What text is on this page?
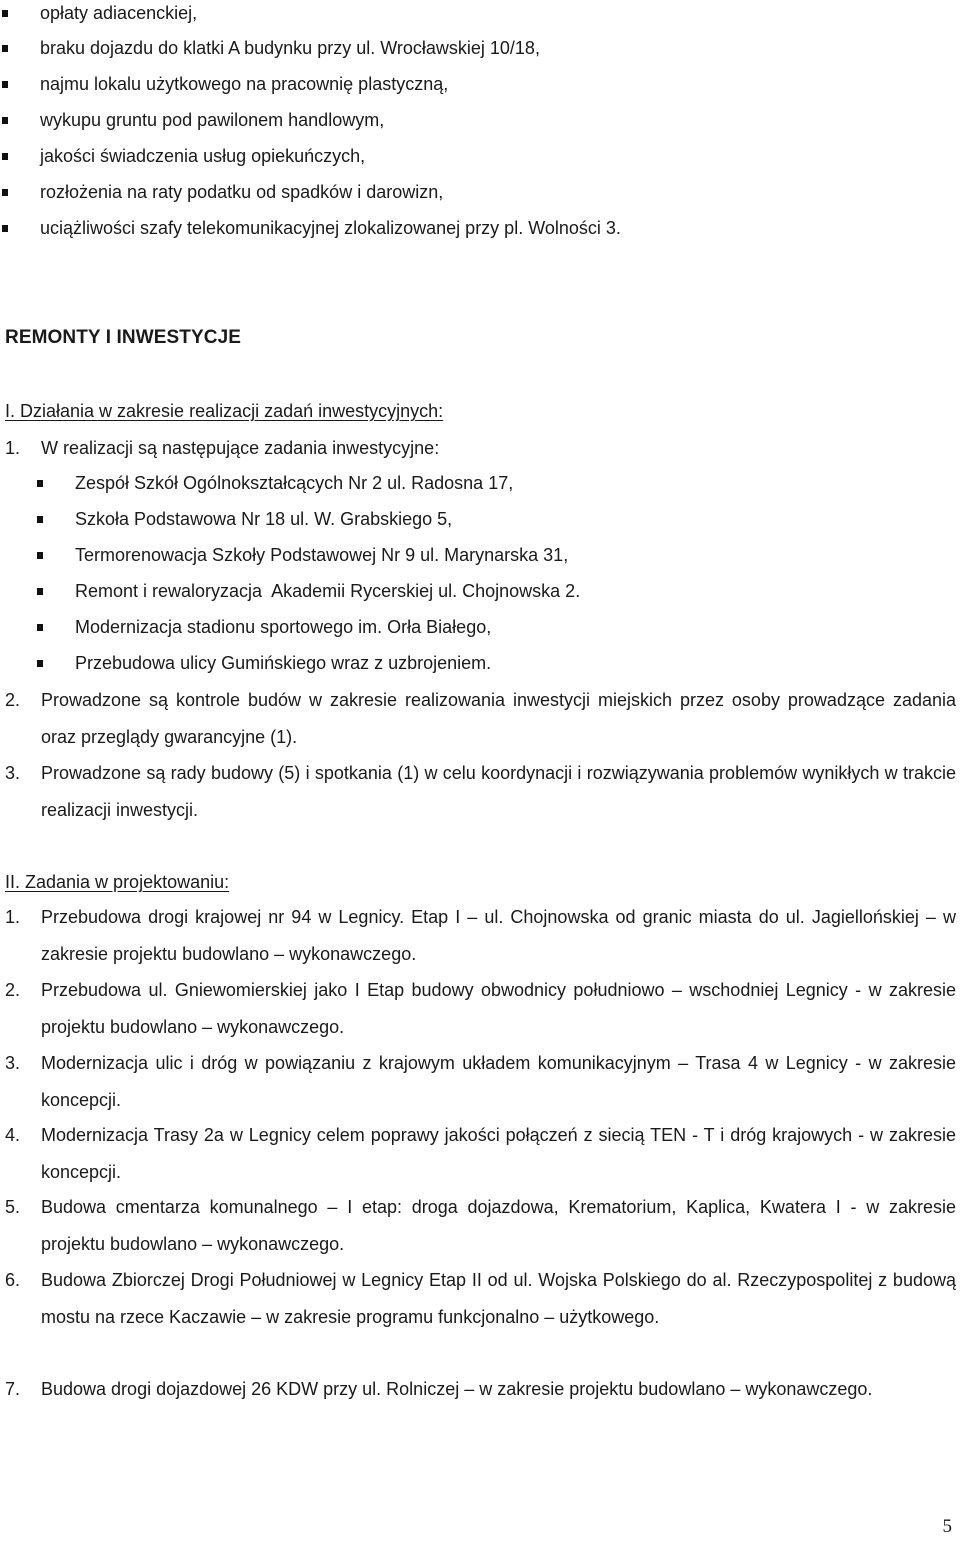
opłaty adiacenckiej,
braku dojazdu do klatki A budynku przy ul. Wrocławskiej 10/18,
najmu lokalu użytkowego na pracownię plastyczną,
wykupu gruntu pod pawilonem handlowym,
jakości świadczenia usług opiekuńczych,
rozłożenia na raty podatku od spadków i darowizn,
uciążliwości szafy telekomunikacyjnej zlokalizowanej przy pl. Wolności 3.
REMONTY I INWESTYCJE
I. Działania w zakresie realizacji zadań inwestycyjnych:
1. W realizacji są następujące zadania inwestycyjne:
Zespół Szkół Ogólnokształcących Nr 2 ul. Radosna 17,
Szkoła Podstawowa Nr 18 ul. W. Grabskiego 5,
Termorenowacja Szkoły Podstawowej Nr 9 ul. Marynarska 31,
Remont i rewaloryzacja  Akademii Rycerskiej ul. Chojnowska 2.
Modernizacja stadionu sportowego im. Orła Białego,
Przebudowa ulicy Gumińskiego wraz z uzbrojeniem.
2. Prowadzone są kontrole budów w zakresie realizowania inwestycji miejskich przez osoby prowadzące zadania oraz przeglądy gwarancyjne (1).
3. Prowadzone są rady budowy (5) i spotkania (1) w celu koordynacji i rozwiązywania problemów wynikłych w trakcie realizacji inwestycji.
II. Zadania w projektowaniu:
1. Przebudowa drogi krajowej nr 94 w Legnicy. Etap I – ul. Chojnowska od granic miasta do ul. Jagiellońskiej – w zakresie projektu budowlano – wykonawczego.
2. Przebudowa ul. Gniewomierskiej jako I Etap budowy obwodnicy południowo – wschodniej Legnicy - w zakresie projektu budowlano – wykonawczego.
3. Modernizacja ulic i dróg w powiązaniu z krajowym układem komunikacyjnym – Trasa 4 w Legnicy - w zakresie koncepcji.
4. Modernizacja Trasy 2a w Legnicy celem poprawy jakości połączeń z siecią TEN - T i dróg krajowych - w zakresie koncepcji.
5. Budowa cmentarza komunalnego – I etap: droga dojazdowa, Krematorium, Kaplica, Kwatera I - w zakresie projektu budowlano – wykonawczego.
6. Budowa Zbiorczej Drogi Południowej w Legnicy Etap II od ul. Wojska Polskiego do al. Rzeczypospolitej z budową mostu na rzece Kaczawie – w zakresie programu funkcjonalno – użytkowego.
7. Budowa drogi dojazdowej 26 KDW przy ul. Rolniczej – w zakresie projektu budowlano – wykonawczego.
5
